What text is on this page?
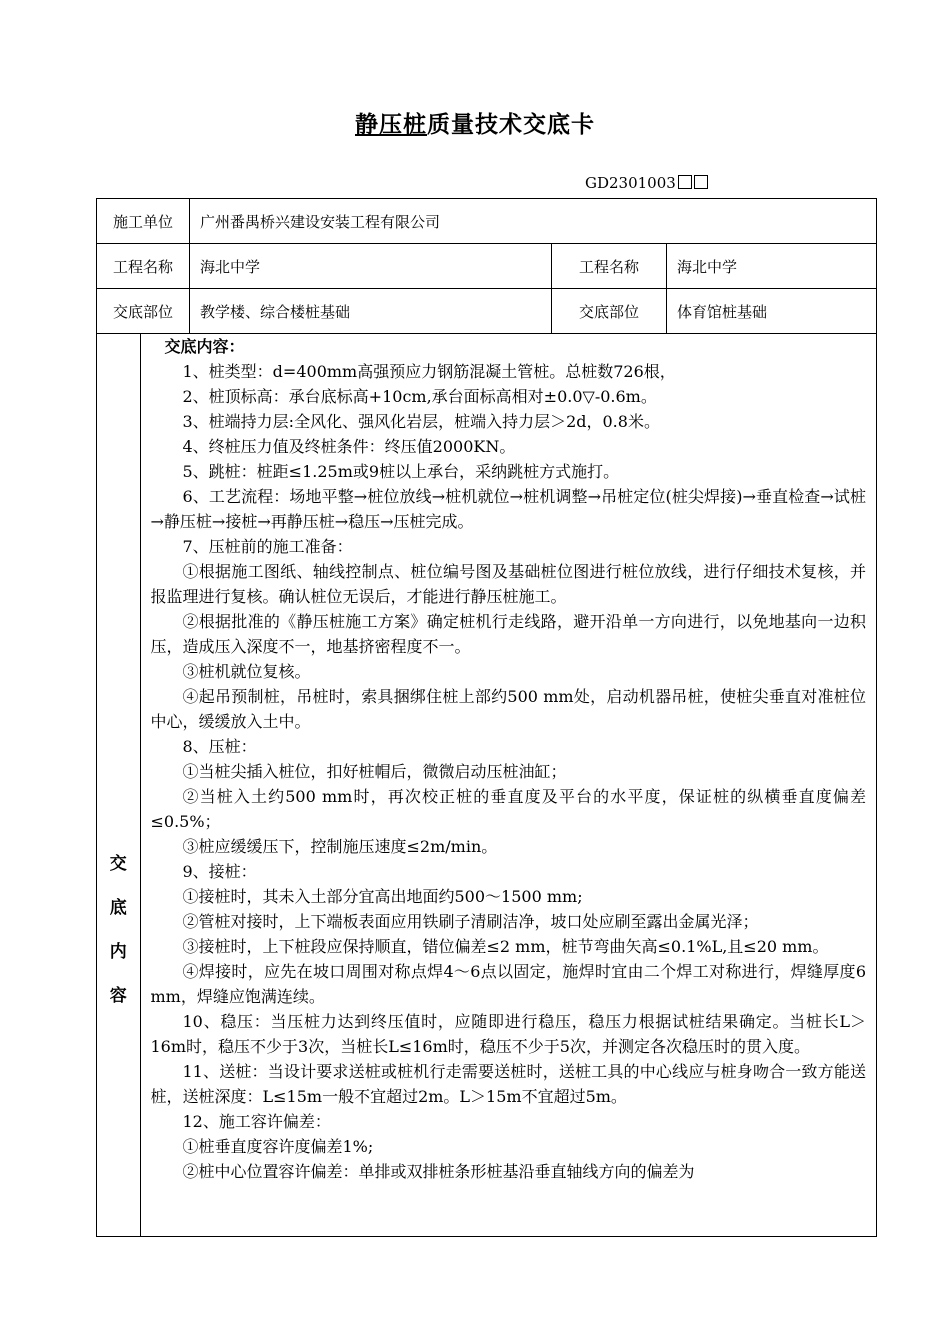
静压桩质量技术交底卡
GD2301003
施工单位	广州番禺桥兴建设安装工程有限公司
工程名称	海北中学	工程名称	海北中学
交底部位	教学楼、综合楼桩基础	交底部位	体育馆桩基础

交
底
内
容

交底内容：

1、桩类型：d=400mm高强预应力钢筋混凝土管桩。总桩数726根，

2、桩顶标高：承台底标高+10cm,承台面标高相对±0.0▽-0.6m。

3、桩端持力层:全风化、强风化岩层，桩端入持力层＞2d，0.8米。

4、终桩压力值及终桩条件：终压值2000KN。

5、跳桩：桩距≤1.25m或9桩以上承台，采纳跳桩方式施打。

6、工艺流程：场地平整→桩位放线→桩机就位→桩机调整→吊桩定位(桩尖焊接)→垂直检查→试桩→静压桩→接桩→再静压桩→稳压→压桩完成。

7、压桩前的施工准备：

①根据施工图纸、轴线控制点、桩位编号图及基础桩位图进行桩位放线，进行仔细技术复核，并报监理进行复核。确认桩位无误后，才能进行静压桩施工。

②根据批准的《静压桩施工方案》确定桩机行走线路，避开沿单一方向进行，以免地基向一边积压，造成压入深度不一，地基挤密程度不一。

③桩机就位复核。

④起吊预制桩，吊桩时，索具捆绑住桩上部约500 mm处，启动机器吊桩，使桩尖垂直对准桩位中心，缓缓放入土中。

8、压桩：

①当桩尖插入桩位，扣好桩帽后，微微启动压桩油缸；

②当桩入土约500 mm时，再次校正桩的垂直度及平台的水平度，保证桩的纵横垂直度偏差≤0.5%；

③桩应缓缓压下，控制施压速度≤2m/min。

9、接桩：

①接桩时，其未入土部分宜高出地面约500～1500 mm;

②管桩对接时，上下端板表面应用铁刷子清刷洁净，坡口处应刷至露出金属光泽；

③接桩时，上下桩段应保持顺直，错位偏差≤2 mm，桩节弯曲矢高≤0.1%L,且≤20 mm。

④焊接时，应先在坡口周围对称点焊4～6点以固定，施焊时宜由二个焊工对称进行，焊缝厚度6 mm，焊缝应饱满连续。

10、稳压：当压桩力达到终压值时，应随即进行稳压，稳压力根据试桩结果确定。当桩长L＞16m时，稳压不少于3次，当桩长L≤16m时，稳压不少于5次，并测定各次稳压时的贯入度。

11、送桩：当设计要求送桩或桩机行走需要送桩时，送桩工具的中心线应与桩身吻合一致方能送桩，送桩深度：L≤15m一般不宜超过2m。L＞15m不宜超过5m。

12、施工容许偏差：

①桩垂直度容许度偏差1%;

②桩中心位置容许偏差：单排或双排桩条形桩基沿垂直轴线方向的偏差为
